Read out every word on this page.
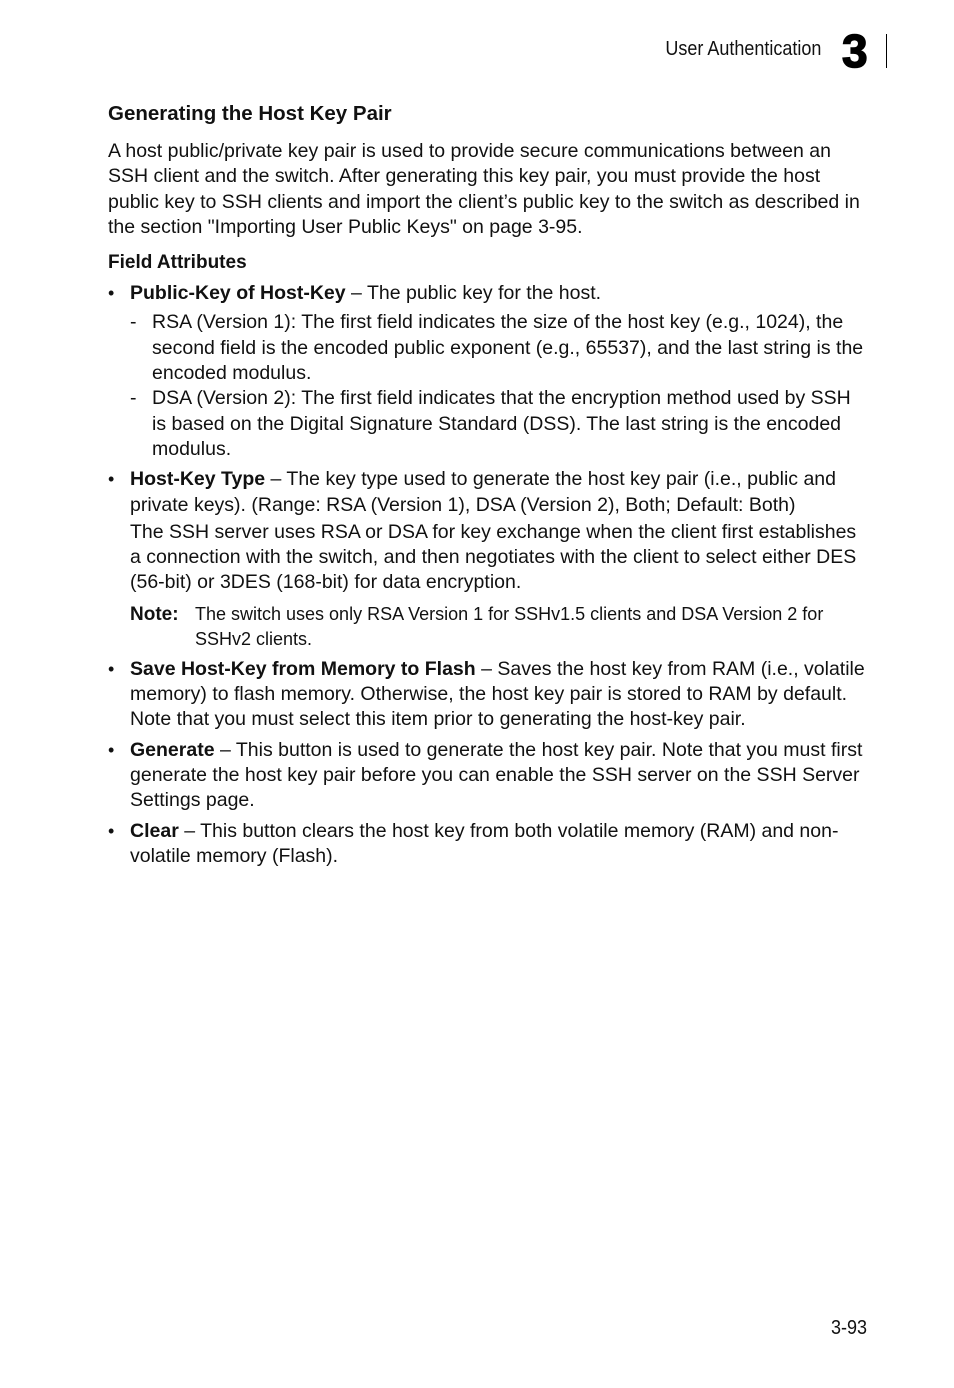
User Authentication 3
Generating the Host Key Pair

A host public/private key pair is used to provide secure communications between an SSH client and the switch. After generating this key pair, you must provide the host public key to SSH clients and import the client’s public key to the switch as described in the section "Importing User Public Keys" on page 3-95.

Field Attributes
• Public-Key of Host-Key – The public key for the host.
- RSA (Version 1): The first field indicates the size of the host key (e.g., 1024), the second field is the encoded public exponent (e.g., 65537), and the last string is the encoded modulus.
- DSA (Version 2): The first field indicates that the encryption method used by SSH is based on the Digital Signature Standard (DSS). The last string is the encoded modulus.
• Host-Key Type – The key type used to generate the host key pair (i.e., public and private keys). (Range: RSA (Version 1), DSA (Version 2), Both; Default: Both)

The SSH server uses RSA or DSA for key exchange when the client first establishes a connection with the switch, and then negotiates with the client to select either DES (56-bit) or 3DES (168-bit) for data encryption.

Note: The switch uses only RSA Version 1 for SSHv1.5 clients and DSA Version 2 for SSHv2 clients.
• Save Host-Key from Memory to Flash – Saves the host key from RAM (i.e., volatile memory) to flash memory. Otherwise, the host key pair is stored to RAM by default. Note that you must select this item prior to generating the host-key pair.
• Generate – This button is used to generate the host key pair. Note that you must first generate the host key pair before you can enable the SSH server on the SSH Server Settings page.
• Clear – This button clears the host key from both volatile memory (RAM) and non-volatile memory (Flash).
3-93
